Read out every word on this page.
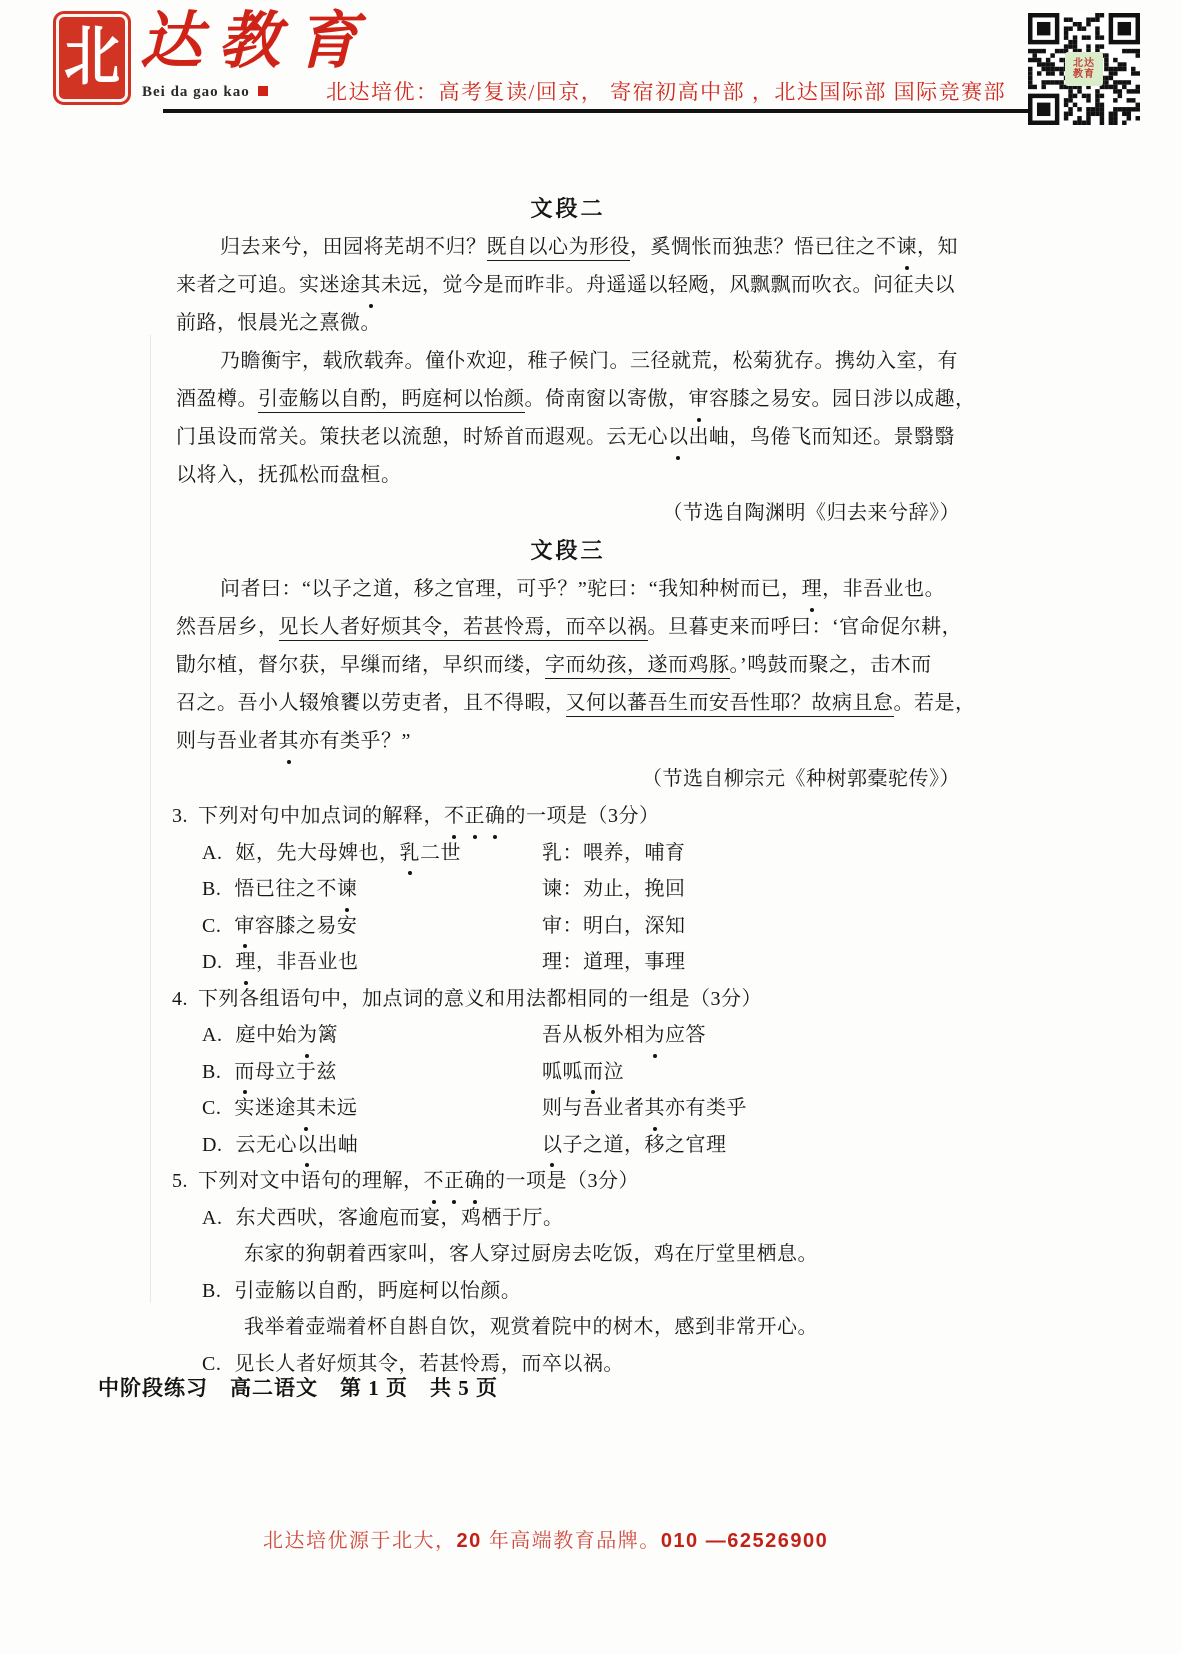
北 达教育
Bei da gao kao	北达培优：高考复读/回京， 寄宿初高中部 ，北达国际部 国际竞赛部
北达
教育
文段二
归去来兮，田园将芜胡不归？既自以心为形役，奚惆怅而独悲？悟已往之不谏，知
来者之可追。实迷途其未远，觉今是而昨非。舟遥遥以轻飏，风飘飘而吹衣。问征夫以
前路，恨晨光之熹微。
乃瞻衡宇，载欣载奔。僮仆欢迎，稚子候门。三径就荒，松菊犹存。携幼入室，有
酒盈樽。引壶觞以自酌，眄庭柯以怡颜。倚南窗以寄傲，审容膝之易安。园日涉以成趣，
门虽设而常关。策扶老以流憩，时矫首而遐观。云无心以出岫，鸟倦飞而知还。景翳翳
以将入，抚孤松而盘桓。
（节选自陶渊明《归去来兮辞》）
文段三
问者曰：“以子之道，移之官理，可乎？”驼曰：“我知种树而已，理，非吾业也。
然吾居乡，见长人者好烦其令，若甚怜焉，而卒以祸。旦暮吏来而呼曰：‘官命促尔耕，
勖尔植，督尔获，早缫而绪，早织而缕，字而幼孩，遂而鸡豚。’鸣鼓而聚之，击木而
召之。吾小人辍飧饔以劳吏者，且不得暇，又何以蕃吾生而安吾性耶？故病且怠。若是，
则与吾业者其亦有类乎？”
（节选自柳宗元《种树郭橐驼传》）
3. 下列对句中加点词的解释，不正确的一项是（3分）
A. 妪，先大母婢也，乳二世	乳：喂养，哺育
B. 悟已往之不谏	谏：劝止，挽回
C. 审容膝之易安	审：明白，深知
D. 理，非吾业也	理：道理，事理
4. 下列各组语句中，加点词的意义和用法都相同的一组是（3分）
A. 庭中始为篱	吾从板外相为应答
B. 而母立于兹	呱呱而泣
C. 实迷途其未远	则与吾业者其亦有类乎
D. 云无心以出岫	以子之道，移之官理
5. 下列对文中语句的理解，不正确的一项是（3分）
A. 东犬西吠，客逾庖而宴，鸡栖于厅。
东家的狗朝着西家叫，客人穿过厨房去吃饭，鸡在厅堂里栖息。
B. 引壶觞以自酌，眄庭柯以怡颜。
我举着壶端着杯自斟自饮，观赏着院中的树木，感到非常开心。
C. 见长人者好烦其令，若甚怜焉，而卒以祸。
中阶段练习　高二语文　第 1 页　共 5 页
北达培优源于北大，20 年高端教育品牌。010 —62526900
